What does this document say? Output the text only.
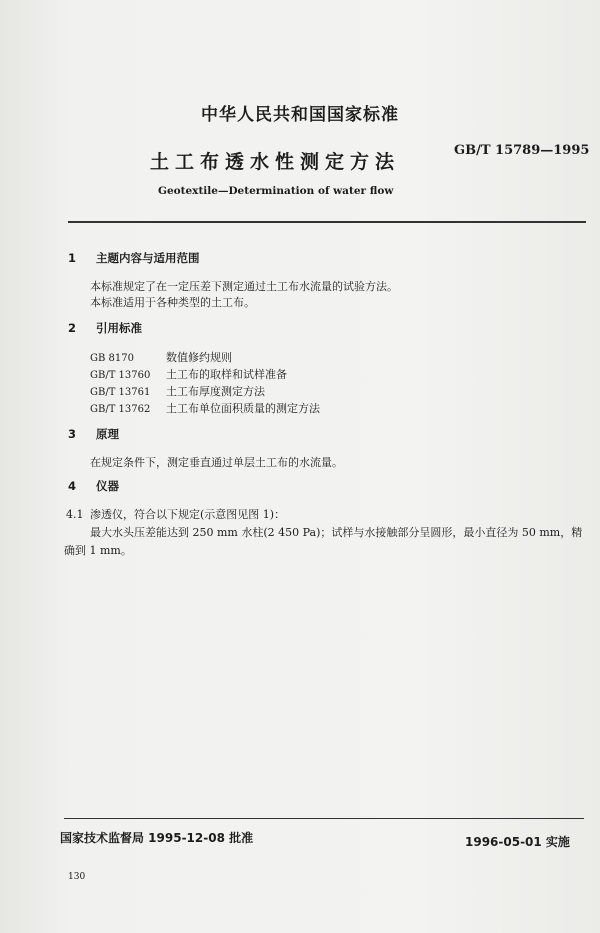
中华人民共和国国家标准
GB/T 15789—1995
土工布透水性测定方法
Geotextile—Determination of water flow
1 主题内容与适用范围
本标准规定了在一定压差下测定通过土工布水流量的试验方法。
本标准适用于各种类型的土工布。
2 引用标准
GB 8170	数值修约规则
GB/T 13760 土工布的取样和试样准备
GB/T 13761 土工布厚度测定方法
GB/T 13762 土工布单位面积质量的测定方法
3 原理
在规定条件下，测定垂直通过单层土工布的水流量。
4 仪器
4.1 渗透仪，符合以下规定(示意图见图 1)：
最大水头压差能达到 250 mm 水柱(2 450 Pa)；试样与水接触部分呈圆形，最小直径为 50 mm，精
确到 1 mm。
国家技术监督局 1995-12-08 批准	1996-05-01 实施
130
